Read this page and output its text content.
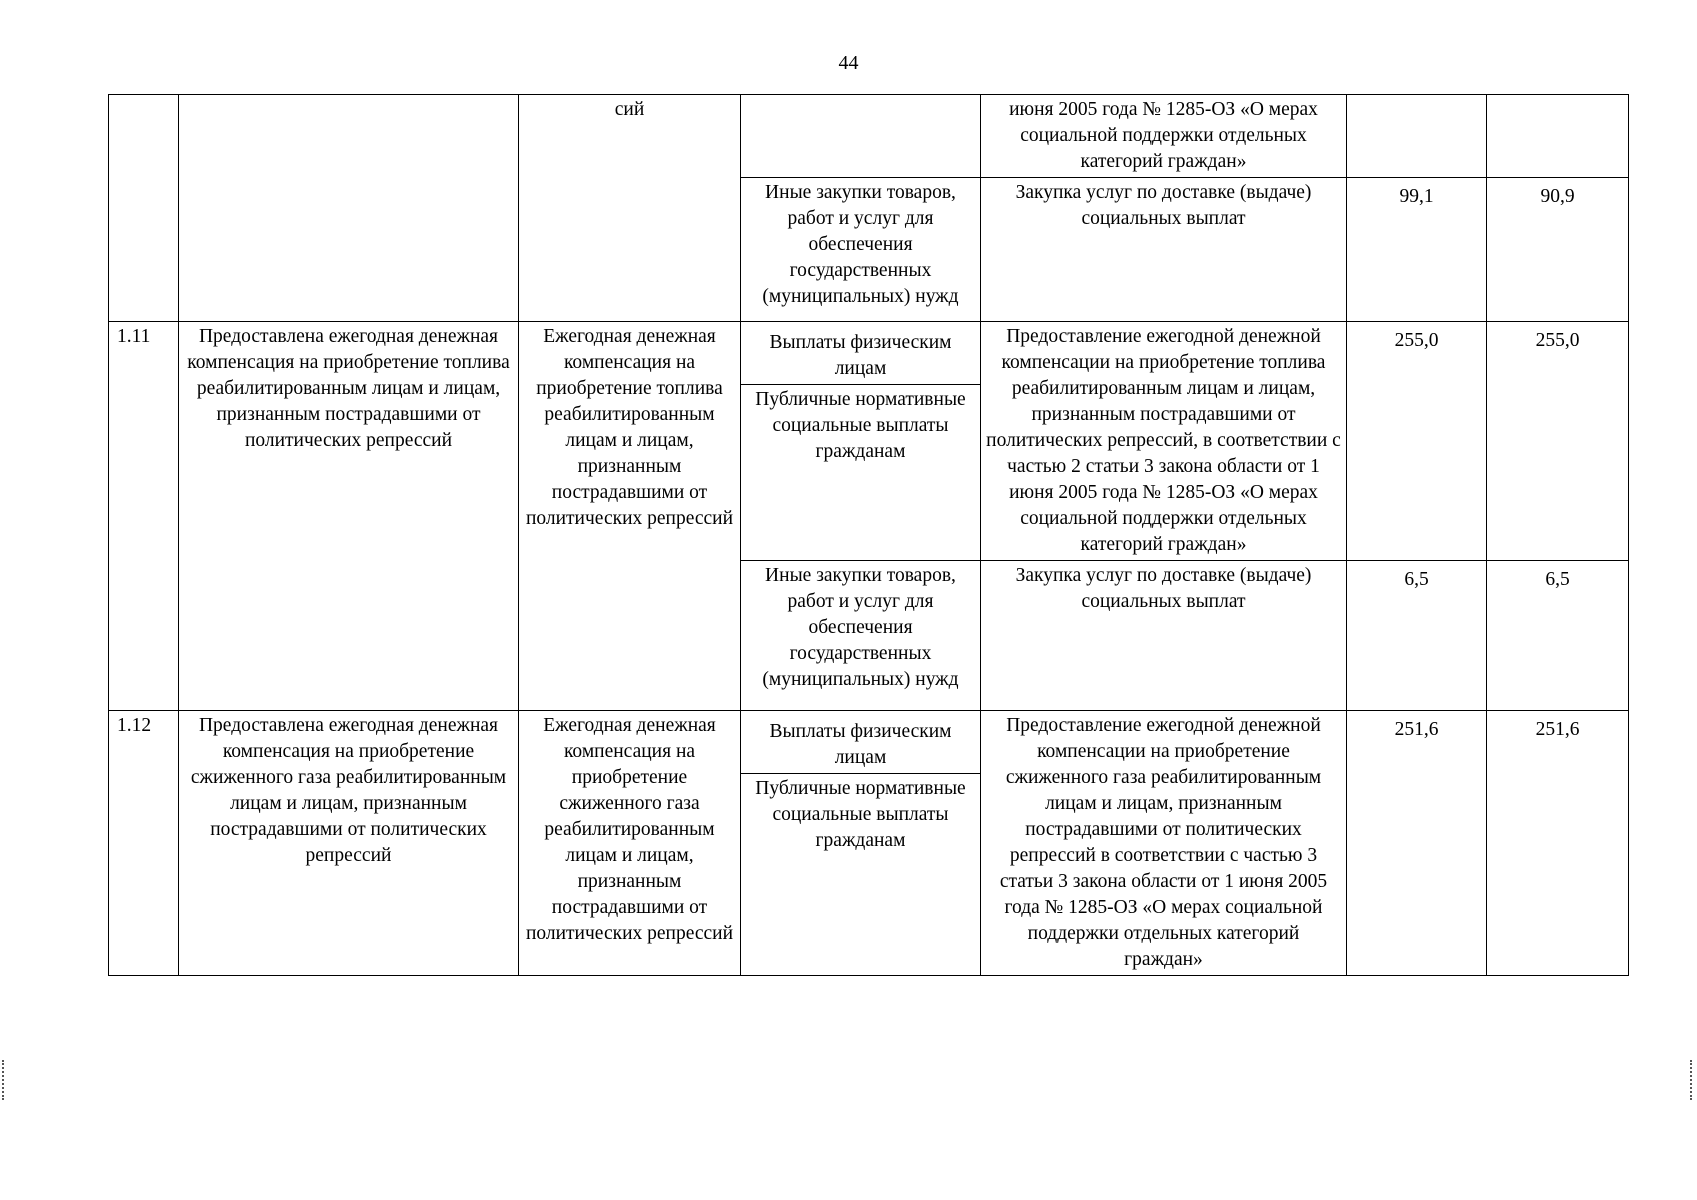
44
		сий		июня 2005 года № 1285-ОЗ «О мерах социальной поддержки отдельных категорий граждан»		
			Иные закупки товаров, работ и услуг для обеспечения государственных (муниципальных) нужд	Закупка услуг по доставке (выдаче) социальных выплат	99,1	90,9
1.11	Предоставлена ежегодная денежная компенсация на приобретение топлива реабилитированным лицам и лицам, признанным пострадавшими от политических репрессий	Ежегодная денежная компенсация на приобретение топлива реабилитированным лицам и лицам, признанным пострадавшими от политических репрессий	Выплаты физическим лицам
Публичные нормативные социальные выплаты гражданам	Предоставление ежегодной денежной компенсации на приобретение топлива реабилитированным лицам и лицам, признанным пострадавшими от политических репрессий, в соответствии с частью 2 статьи 3 закона области от 1 июня 2005 года № 1285-ОЗ «О мерах социальной поддержки отдельных категорий граждан»	255,0	255,0
			Иные закупки товаров, работ и услуг для обеспечения государственных (муниципальных) нужд	Закупка услуг по доставке (выдаче) социальных выплат	6,5	6,5
1.12	Предоставлена ежегодная денежная компенсация на приобретение сжиженного газа реабилитированным лицам и лицам, признанным пострадавшими от политических репрессий	Ежегодная денежная компенсация на приобретение сжиженного газа реабилитированным лицам и лицам, признанным пострадавшими от политических репрессий	Выплаты физическим лицам
Публичные нормативные социальные выплаты гражданам	Предоставление ежегодной денежной компенсации на приобретение сжиженного газа реабилитированным лицам и лицам, признанным пострадавшими от политических репрессий в соответствии с частью 3 статьи 3 закона области от 1 июня 2005 года № 1285-ОЗ «О мерах социальной поддержки отдельных категорий граждан»	251,6	251,6
